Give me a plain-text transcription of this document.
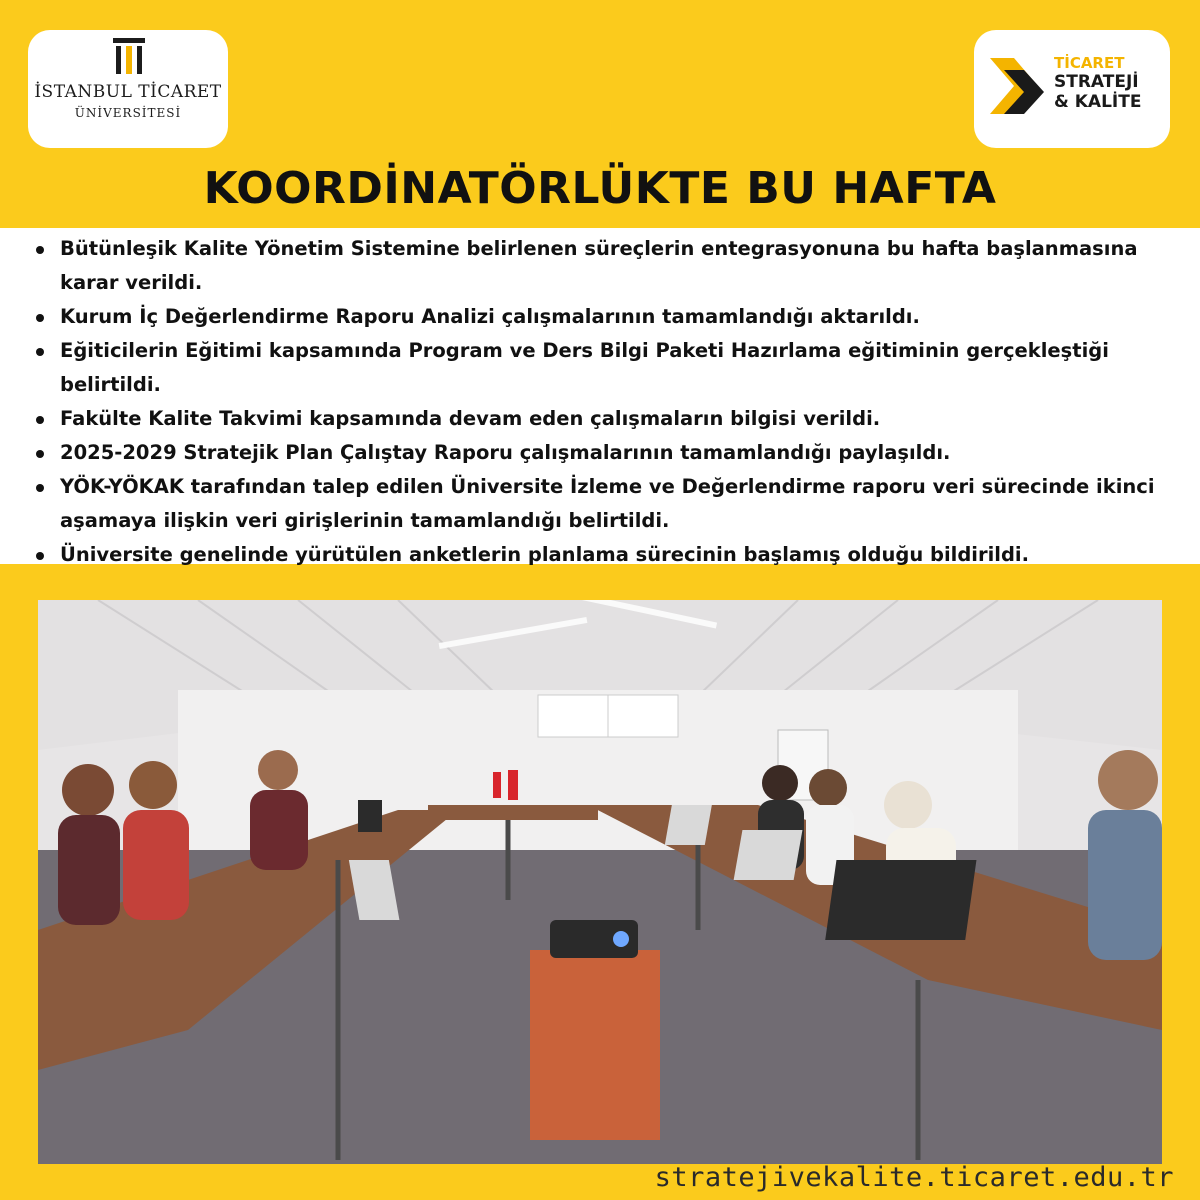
İSTANBUL TİCARET
ÜNİVERSİTESİ
TİCARET
STRATEJİ
& KALİTE
KOORDİNATÖRLÜKTE BU HAFTA
Bütünleşik Kalite Yönetim Sistemine belirlenen süreçlerin entegrasyonuna bu hafta başlanmasına karar verildi.
Kurum İç Değerlendirme Raporu Analizi çalışmalarının tamamlandığı aktarıldı.
Eğiticilerin Eğitimi kapsamında Program ve Ders Bilgi Paketi Hazırlama eğitiminin gerçekleştiği belirtildi.
Fakülte Kalite Takvimi kapsamında devam eden çalışmaların bilgisi verildi.
2025-2029 Stratejik Plan Çalıştay Raporu çalışmalarının tamamlandığı paylaşıldı.
YÖK-YÖKAK tarafından talep edilen Üniversite İzleme ve Değerlendirme raporu veri sürecinde ikinci aşamaya ilişkin veri girişlerinin tamamlandığı belirtildi.
Üniversite genelinde yürütülen anketlerin planlama sürecinin başlamış olduğu bildirildi.
stratejivekalite.ticaret.edu.tr
